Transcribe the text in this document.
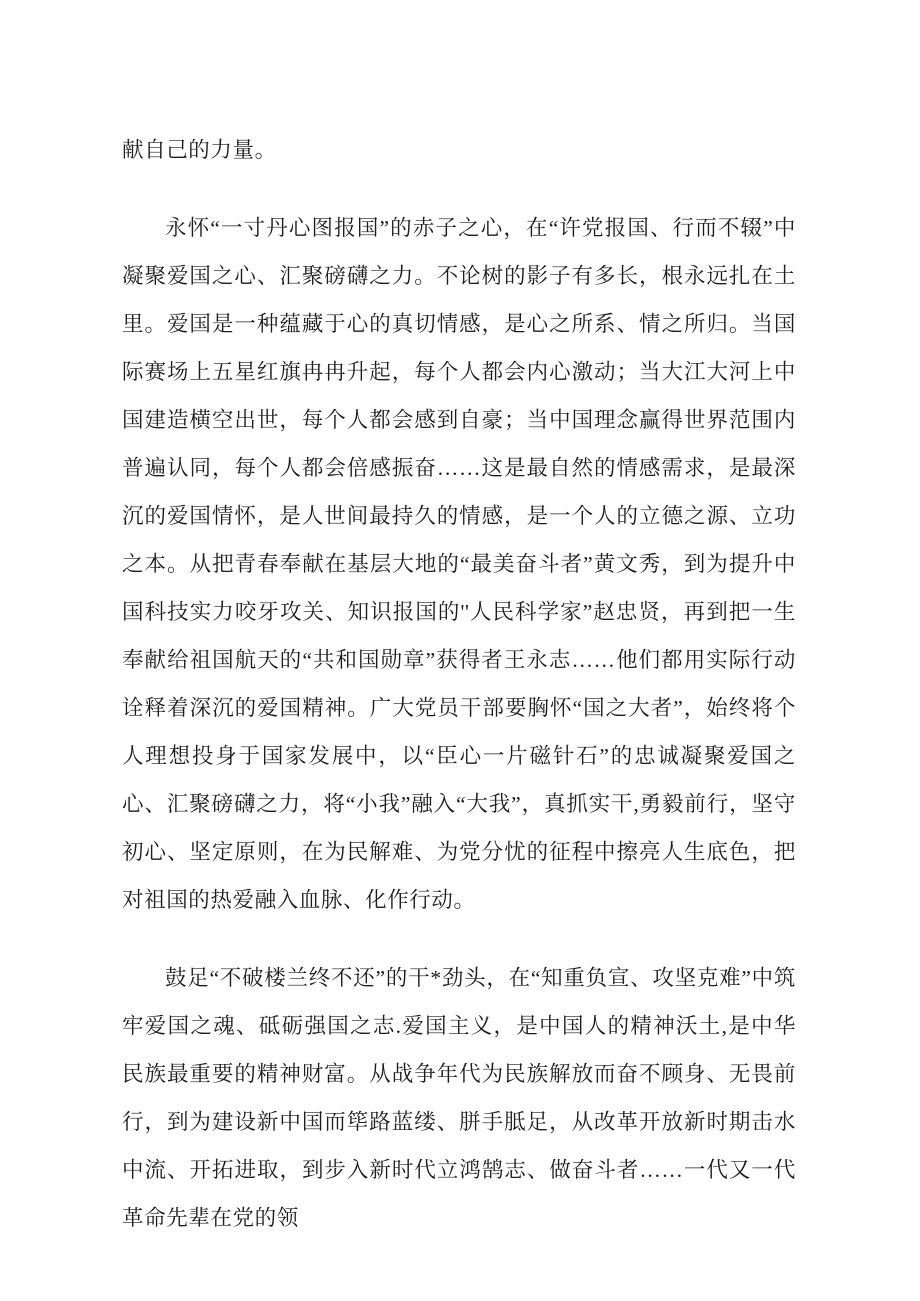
献自己的力量。

永怀“一寸丹心图报国”的赤子之心，在“许党报国、行而不辍”中凝聚爱国之心、汇聚磅礴之力。不论树的影子有多长，根永远扎在土里。爱国是一种蕴藏于心的真切情感，是心之所系、情之所归。当国际赛场上五星红旗冉冉升起，每个人都会内心激动；当大江大河上中国建造横空出世，每个人都会感到自豪；当中国理念赢得世界范围内普遍认同，每个人都会倍感振奋……这是最自然的情感需求，是最深沉的爱国情怀，是人世间最持久的情感，是一个人的立德之源、立功之本。从把青春奉献在基层大地的“最美奋斗者”黄文秀，到为提升中国科技实力咬牙攻关、知识报国的''人民科学家”赵忠贤，再到把一生奉献给祖国航天的“共和国勋章”获得者王永志……他们都用实际行动诠释着深沉的爱国精神。广大党员干部要胸怀“国之大者”，始终将个人理想投身于国家发展中，以“臣心一片磁针石”的忠诚凝聚爱国之心、汇聚磅礴之力，将“小我”融入“大我”，真抓实干,勇毅前行，坚守初心、坚定原则，在为民解难、为党分忧的征程中擦亮人生底色，把对祖国的热爱融入血脉、化作行动。

鼓足“不破楼兰终不还”的干*劲头，在“知重负宣、攻坚克难”中筑牢爱国之魂、砥砺强国之志.爱国主义，是中国人的精神沃土,是中华民族最重要的精神财富。从战争年代为民族解放而奋不顾身、无畏前行，到为建设新中国而筚路蓝缕、胼手胝足，从改革开放新时期击水中流、开拓进取，到步入新时代立鸿鹄志、做奋斗者……一代又一代革命先辈在党的领
